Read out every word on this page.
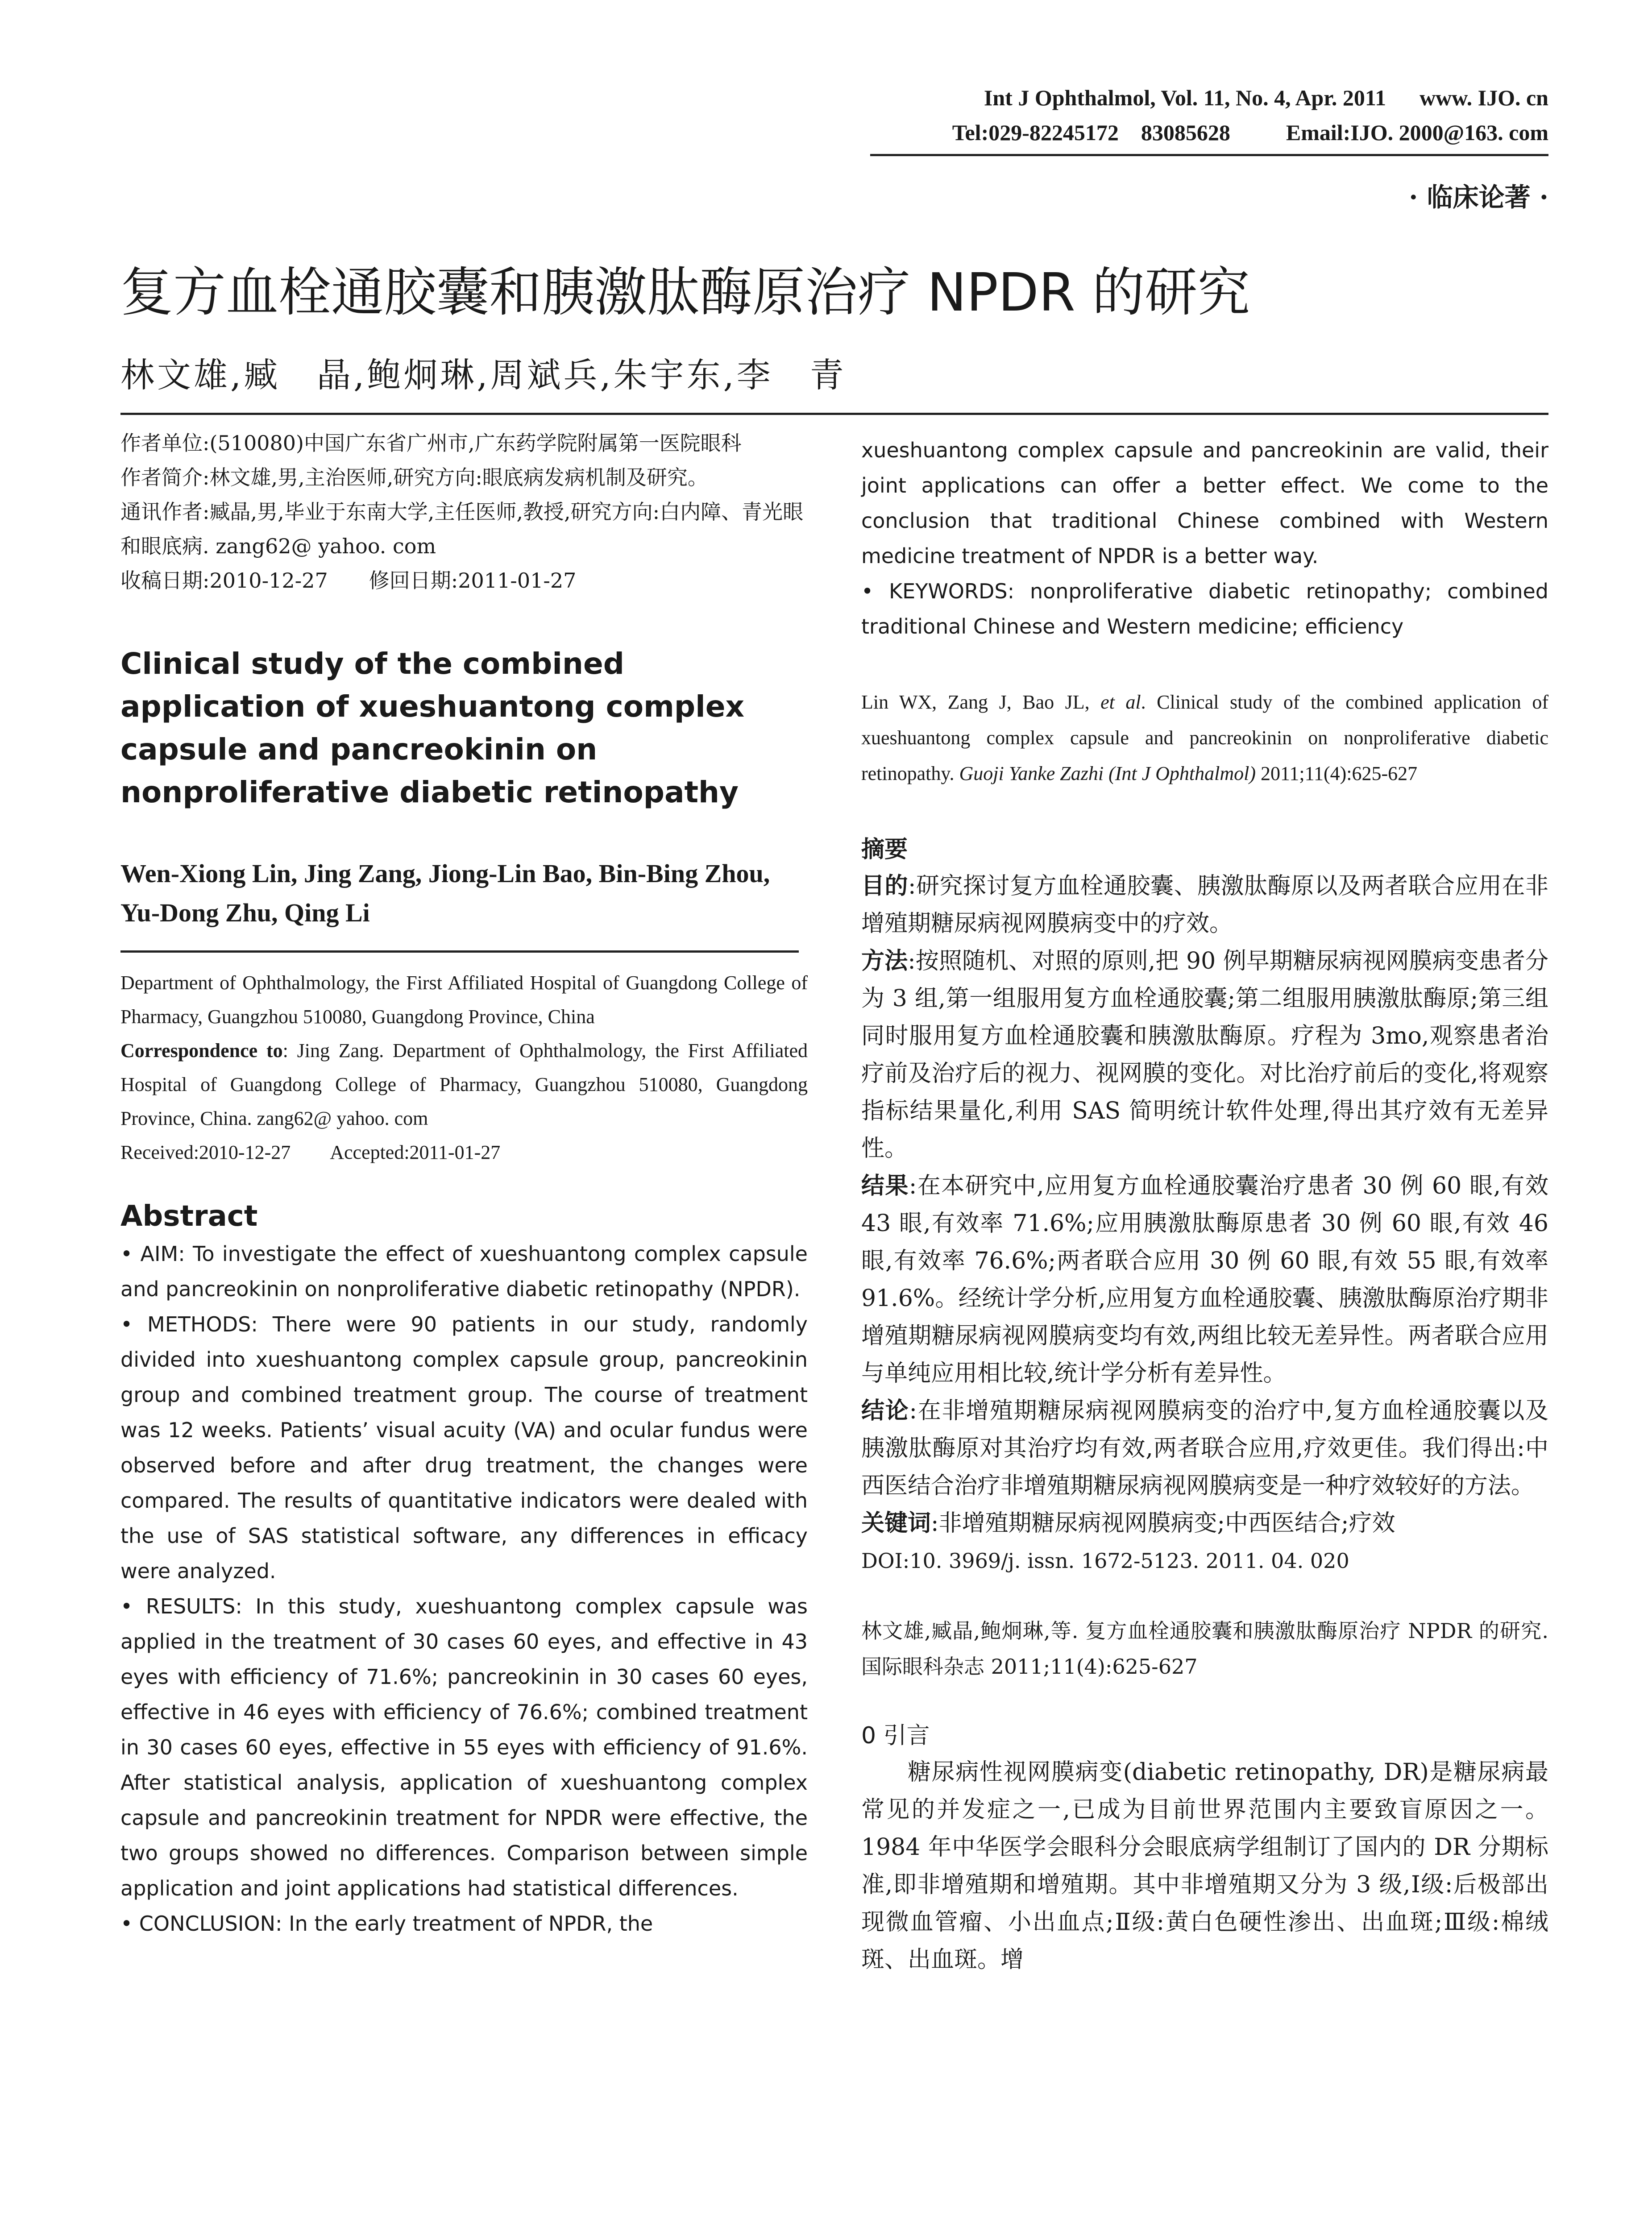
Int J Ophthalmol, Vol. 11, No. 4, Apr. 2011      www. IJO. cn
Tel:029-82245172    83085628          Email:IJO. 2000@163. com
· 临床论著 ·
复方血栓通胶囊和胰激肽酶原治疗 NPDR 的研究
林文雄,臧　晶,鲍炯琳,周斌兵,朱宇东,李　青

作者单位:(510080)中国广东省广州市,广东药学院附属第一医院眼科

作者简介:林文雄,男,主治医师,研究方向:眼底病发病机制及研究。

通讯作者:臧晶,男,毕业于东南大学,主任医师,教授,研究方向:白内障、青光眼和眼底病. zang62@ yahoo. com

收稿日期:2010-12-27　　修回日期:2011-01-27

Clinical study of the combined application of xueshuantong complex capsule and pancreokinin on nonproliferative diabetic retinopathy
Wen-Xiong Lin, Jing Zang, Jiong-Lin Bao, Bin-Bing Zhou, Yu-Dong Zhu, Qing Li

Department of Ophthalmology, the First Affiliated Hospital of Guangdong College of Pharmacy, Guangzhou 510080, Guangdong Province, China

Correspondence to: Jing Zang. Department of Ophthalmology, the First Affiliated Hospital of Guangdong College of Pharmacy, Guangzhou 510080, Guangdong Province, China. zang62@ yahoo. com

Received:2010-12-27　　Accepted:2011-01-27

Abstract

• AIM: To investigate the effect of xueshuantong complex capsule and pancreokinin on nonproliferative diabetic retinopathy (NPDR).

• METHODS: There were 90 patients in our study, randomly divided into xueshuantong complex capsule group, pancreokinin group and combined treatment group. The course of treatment was 12 weeks. Patients’ visual acuity (VA) and ocular fundus were observed before and after drug treatment, the changes were compared. The results of quantitative indicators were dealed with the use of SAS statistical software, any differences in efficacy were analyzed.

• RESULTS: In this study, xueshuantong complex capsule was applied in the treatment of 30 cases 60 eyes, and effective in 43 eyes with efficiency of 71.6%; pancreokinin in 30 cases 60 eyes, effective in 46 eyes with efficiency of 76.6%; combined treatment in 30 cases 60 eyes, effective in 55 eyes with efficiency of 91.6%. After statistical analysis, application of xueshuantong complex capsule and pancreokinin treatment for NPDR were effective, the two groups showed no differences. Comparison between simple application and joint applications had statistical differences.

• CONCLUSION: In the early treatment of NPDR, the

xueshuantong complex capsule and pancreokinin are valid, their joint applications can offer a better effect. We come to the conclusion that traditional Chinese combined with Western medicine treatment of NPDR is a better way.

• KEYWORDS: nonproliferative diabetic retinopathy; combined traditional Chinese and Western medicine; efficiency

Lin WX, Zang J, Bao JL, et al. Clinical study of the combined application of xueshuantong complex capsule and pancreokinin on nonproliferative diabetic retinopathy. Guoji Yanke Zazhi (Int J Ophthalmol) 2011;11(4):625-627

摘要

目的:研究探讨复方血栓通胶囊、胰激肽酶原以及两者联合应用在非增殖期糖尿病视网膜病变中的疗效。

方法:按照随机、对照的原则,把 90 例早期糖尿病视网膜病变患者分为 3 组,第一组服用复方血栓通胶囊;第二组服用胰激肽酶原;第三组同时服用复方血栓通胶囊和胰激肽酶原。疗程为 3mo,观察患者治疗前及治疗后的视力、视网膜的变化。对比治疗前后的变化,将观察指标结果量化,利用 SAS 简明统计软件处理,得出其疗效有无差异性。

结果:在本研究中,应用复方血栓通胶囊治疗患者 30 例 60 眼,有效 43 眼,有效率 71.6%;应用胰激肽酶原患者 30 例 60 眼,有效 46 眼,有效率 76.6%;两者联合应用 30 例 60 眼,有效 55 眼,有效率 91.6%。经统计学分析,应用复方血栓通胶囊、胰激肽酶原治疗期非增殖期糖尿病视网膜病变均有效,两组比较无差异性。两者联合应用与单纯应用相比较,统计学分析有差异性。

结论:在非增殖期糖尿病视网膜病变的治疗中,复方血栓通胶囊以及胰激肽酶原对其治疗均有效,两者联合应用,疗效更佳。我们得出:中西医结合治疗非增殖期糖尿病视网膜病变是一种疗效较好的方法。

关键词:非增殖期糖尿病视网膜病变;中西医结合;疗效

DOI:10. 3969/j. issn. 1672-5123. 2011. 04. 020

林文雄,臧晶,鲍炯琳,等. 复方血栓通胶囊和胰激肽酶原治疗 NPDR 的研究. 国际眼科杂志 2011;11(4):625-627

0 引言

糖尿病性视网膜病变(diabetic retinopathy, DR)是糖尿病最常见的并发症之一,已成为目前世界范围内主要致盲原因之一。1984 年中华医学会眼科分会眼底病学组制订了国内的 DR 分期标准,即非增殖期和增殖期。其中非增殖期又分为 3 级,Ⅰ级:后极部出现微血管瘤、小出血点;Ⅱ级:黄白色硬性渗出、出血斑;Ⅲ级:棉绒斑、出血斑。增
